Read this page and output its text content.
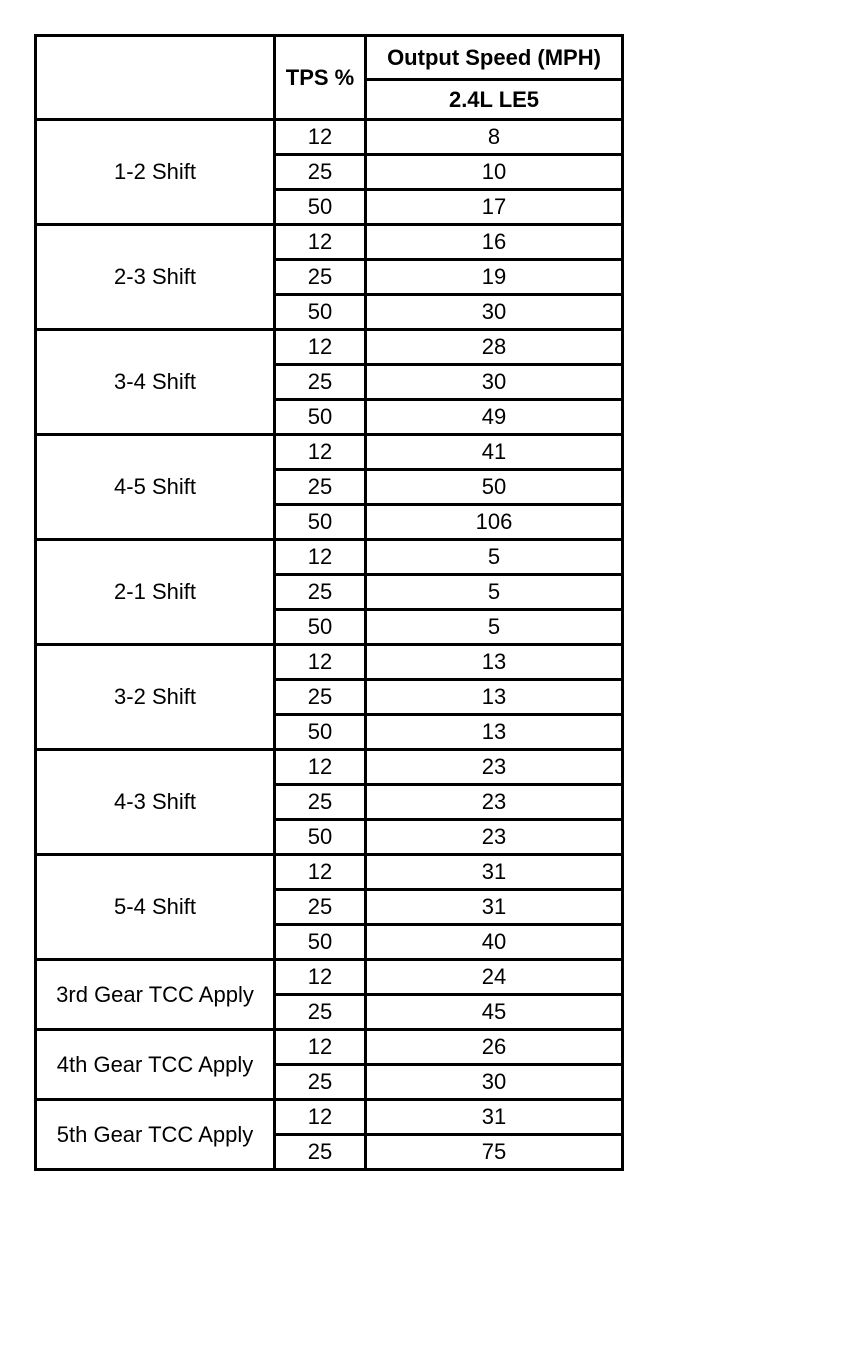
	TPS %	Output Speed (MPH)
		2.4L LE5
1-2 Shift	12	8
	25	10
	50	17
2-3 Shift	12	16
	25	19
	50	30
3-4 Shift	12	28
	25	30
	50	49
4-5 Shift	12	41
	25	50
	50	106
2-1 Shift	12	5
	25	5
	50	5
3-2 Shift	12	13
	25	13
	50	13
4-3 Shift	12	23
	25	23
	50	23
5-4 Shift	12	31
	25	31
	50	40
3rd Gear TCC Apply	12	24
	25	45
4th Gear TCC Apply	12	26
	25	30
5th Gear TCC Apply	12	31
	25	75
